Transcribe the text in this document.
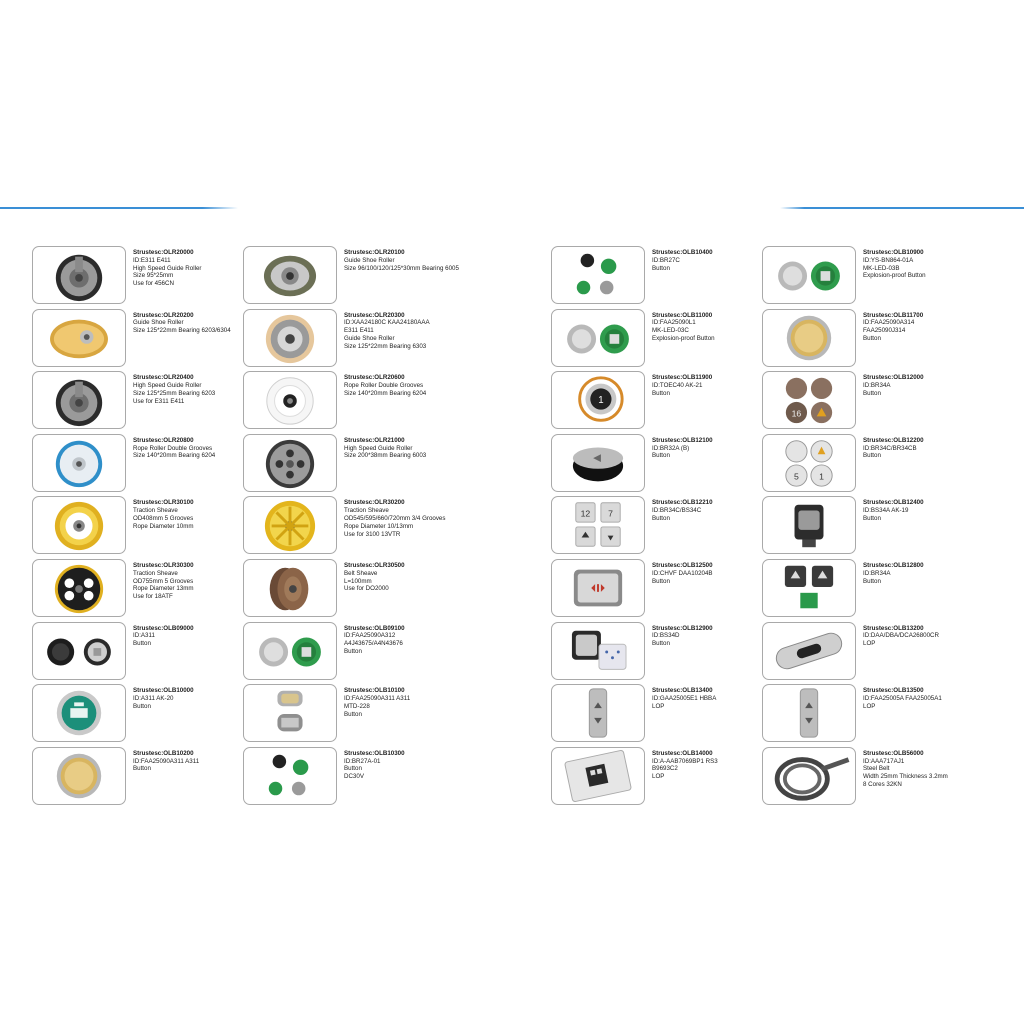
Strustesc:OLR20000
ID:E311 E411
High Speed Guide Roller
Size 95*25mm
Use for 456CN
Strustesc:OLR20200
Guide Shoe Roller
Size 125*22mm Bearing 6203/6304
Strustesc:OLR20400
High Speed Guide Roller
Size 125*25mm Bearing 6203
Use for E311 E411
Strustesc:OLR20800
Rope Roller Double Grooves
Size 140*20mm Bearing 6204
Strustesc:OLR30100
Traction Sheave
OD408mm 5 Grooves
Rope Diameter 10mm
Strustesc:OLR30300
Traction Sheave
OD755mm 5 Grooves
Rope Diameter 13mm
Use for 18ATF
Strustesc:OLB09000
ID:A311
Button
Strustesc:OLB10000
ID:A311 AK-20
Button
Strustesc:OLB10200
ID:FAA25090A311 A311
Button
Strustesc:OLR20100
Guide Shoe Roller
Size 96/100/120/125*30mm Bearing 6005
Strustesc:OLR20300
ID:XAA24180C KAA24180AAA
E311 E411
Guide Shoe Roller
Size 125*22mm Bearing 6303
Strustesc:OLR20600
Rope Roller Double Grooves
Size 140*20mm Bearing 6204
Strustesc:OLR21000
High Speed Guide Roller
Size 200*38mm Bearing 6003
Strustesc:OLR30200
Traction Sheave
OD545/595/660/720mm 3/4 Grooves
Rope Diameter 10/13mm
Use for 3100 13VTR
Strustesc:OLR30500
Belt Sheave
L=100mm
Use for DO2000
Strustesc:OLB09100
ID:FAA25090A312
A4J43675/A4N43676
Button
Strustesc:OLB10100
ID:FAA25090A311 A311
MTD-228
Button
Strustesc:OLB10300
ID:BR27A-01
Button
DC30V
Strustesc:OLB10400
ID:BR27C
Button
Strustesc:OLB11000
ID:FAA25090L1
MK-LED-03C
Explosion-proof Button
1
Strustesc:OLB11900
ID:TOEC40 AK-21
Button
Strustesc:OLB12100
ID:BR32A (B)
Button
12 7
Strustesc:OLB12210
ID:BR34C/BS34C
Button
Strustesc:OLB12500
ID:CHVF DAA10204B
Button
Strustesc:OLB12900
ID:BS34D
Button
Strustesc:OLB13400
ID:GAA25005E1 HBBA
LOP
Strustesc:OLB14000
ID:A-AAB7069BP1 RS3
B9693C2
LOP
Strustesc:OLB10900
ID:YS-BN864-01A
MK-LED-03B
Explosion-proof Button
Strustesc:OLB11700
ID:FAA25090A314
FAA25090J314
Button
16
Strustesc:OLB12000
ID:BR34A
Button
5 1
Strustesc:OLB12200
ID:BR34C/BR34CB
Button
Strustesc:OLB12400
ID:BS34A AK-19
Button
Strustesc:OLB12800
ID:BR34A
Button
Strustesc:OLB13200
ID:DAA/DBA/DCA26800CR
LOP
Strustesc:OLB13500
ID:FAA25005A FAA25005A1
LOP
Strustesc:OLB56000
ID:AAA717AJ1
Steel Belt
Width 25mm Thickness 3.2mm
8 Cores 32KN
